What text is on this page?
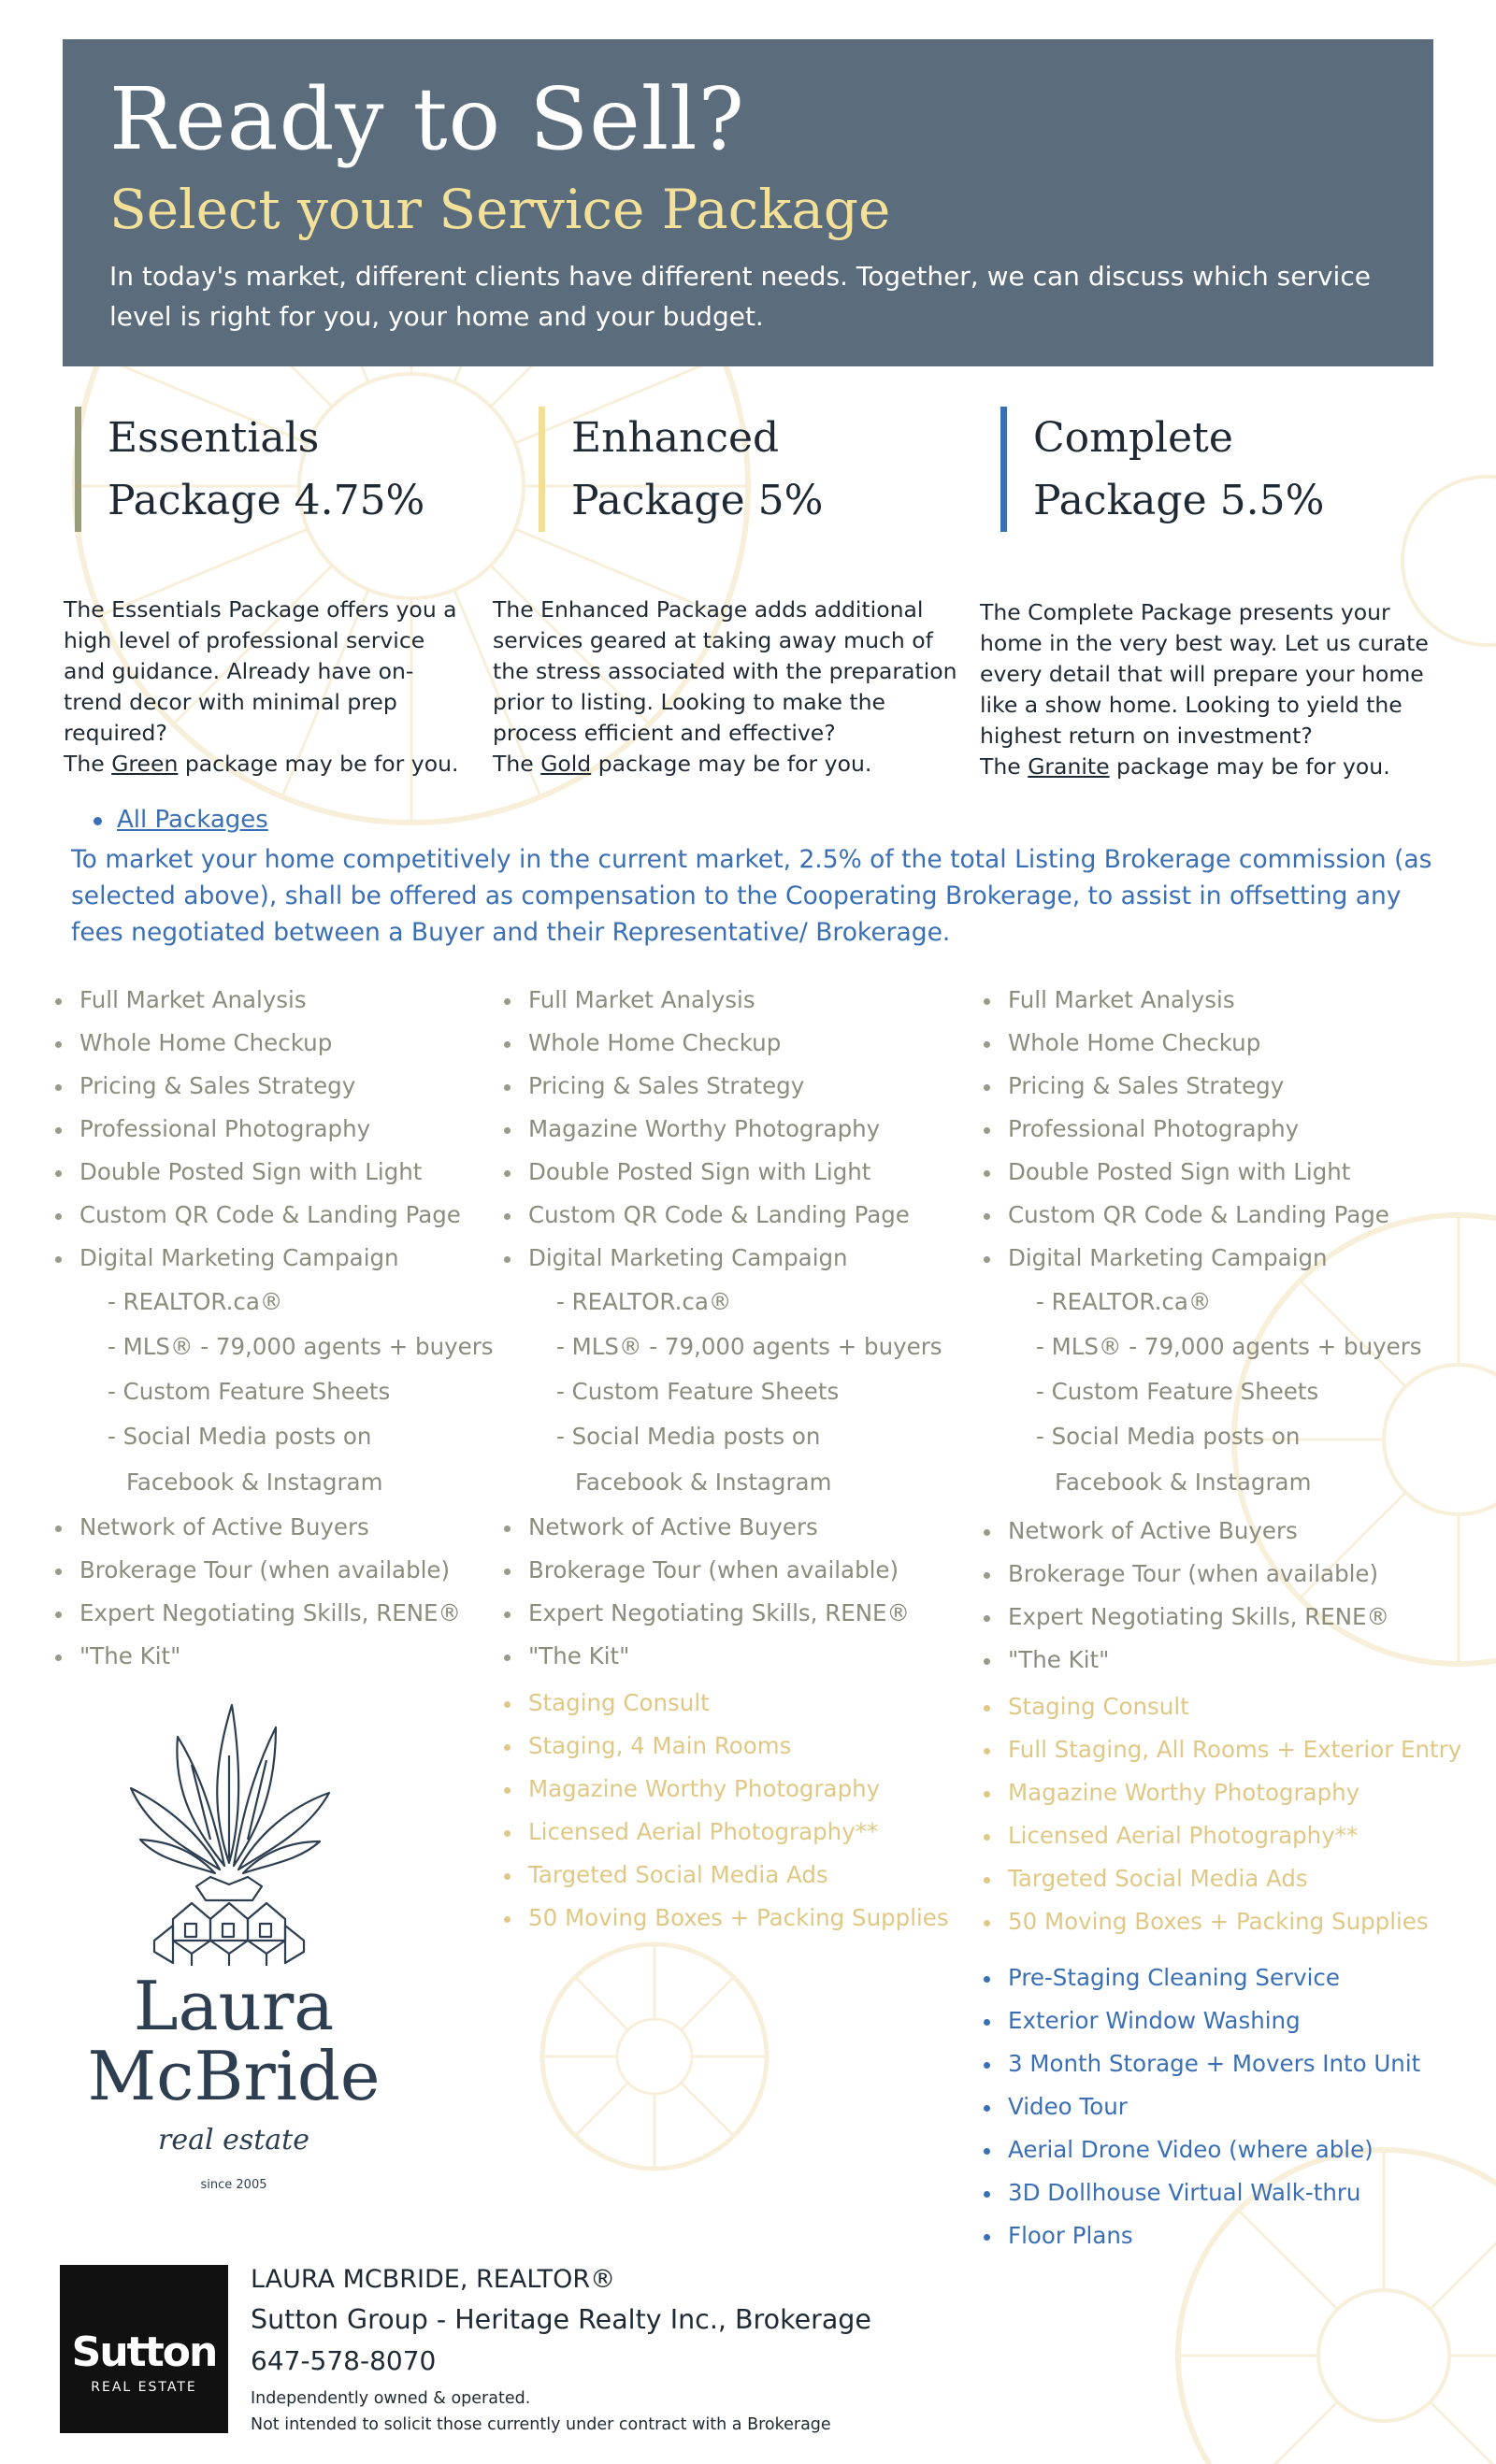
Ready to Sell?
Select your Service Package

In today's market, different clients have different needs. Together, we can discuss which service level is right for you, your home and your budget.

Essentials
Package 4.75%
Enhanced
Package 5%
Complete
Package 5.5%
The Essentials Package offers you a high level of professional service and guidance. Already have on-trend decor with minimal prep required?
The Green package may be for you.
The Enhanced Package adds additional services geared at taking away much of the stress associated with the preparation prior to listing. Looking to make the process efficient and effective?
The Gold package may be for you.
The Complete Package presents your home in the very best way. Let us curate every detail that will prepare your home like a show home. Looking to yield the highest return on investment?
The Granite package may be for you.
All Packages
To market your home competitively in the current market, 2.5% of the total Listing Brokerage commission (as selected above), shall be offered as compensation to the Cooperating Brokerage, to assist in offsetting any fees negotiated between a Buyer and their Representative/ Brokerage.
Full Market Analysis
Whole Home Checkup
Pricing & Sales Strategy
Professional Photography
Double Posted Sign with Light
Custom QR Code & Landing Page
Digital Marketing Campaign
- REALTOR.ca®
- MLS® - 79,000 agents + buyers
- Custom Feature Sheets
- Social Media posts on
Facebook & Instagram
Network of Active Buyers
Brokerage Tour (when available)
Expert Negotiating Skills, RENE®
"The Kit"
Full Market Analysis
Whole Home Checkup
Pricing & Sales Strategy
Magazine Worthy Photography
Double Posted Sign with Light
Custom QR Code & Landing Page
Digital Marketing Campaign
- REALTOR.ca®
- MLS® - 79,000 agents + buyers
- Custom Feature Sheets
- Social Media posts on
Facebook & Instagram
Network of Active Buyers
Brokerage Tour (when available)
Expert Negotiating Skills, RENE®
"The Kit"
Staging Consult
Staging, 4 Main Rooms
Magazine Worthy Photography
Licensed Aerial Photography**
Targeted Social Media Ads
50 Moving Boxes + Packing Supplies
Full Market Analysis
Whole Home Checkup
Pricing & Sales Strategy
Professional Photography
Double Posted Sign with Light
Custom QR Code & Landing Page
Digital Marketing Campaign
- REALTOR.ca®
- MLS® - 79,000 agents + buyers
- Custom Feature Sheets
- Social Media posts on
Facebook & Instagram
Network of Active Buyers
Brokerage Tour (when available)
Expert Negotiating Skills, RENE®
"The Kit"
Staging Consult
Full Staging, All Rooms + Exterior Entry
Magazine Worthy Photography
Licensed Aerial Photography**
Targeted Social Media Ads
50 Moving Boxes + Packing Supplies
Pre-Staging Cleaning Service
Exterior Window Washing
3 Month Storage + Movers Into Unit
Video Tour
Aerial Drone Video (where able)
3D Dollhouse Virtual Walk-thru
Floor Plans
Laura
McBride
real estate
since 2005
Sutton
REAL ESTATE
LAURA MCBRIDE, REALTOR®
Sutton Group - Heritage Realty Inc., Brokerage
647-578-8070
Independently owned & operated.
Not intended to solicit those currently under contract with a Brokerage
